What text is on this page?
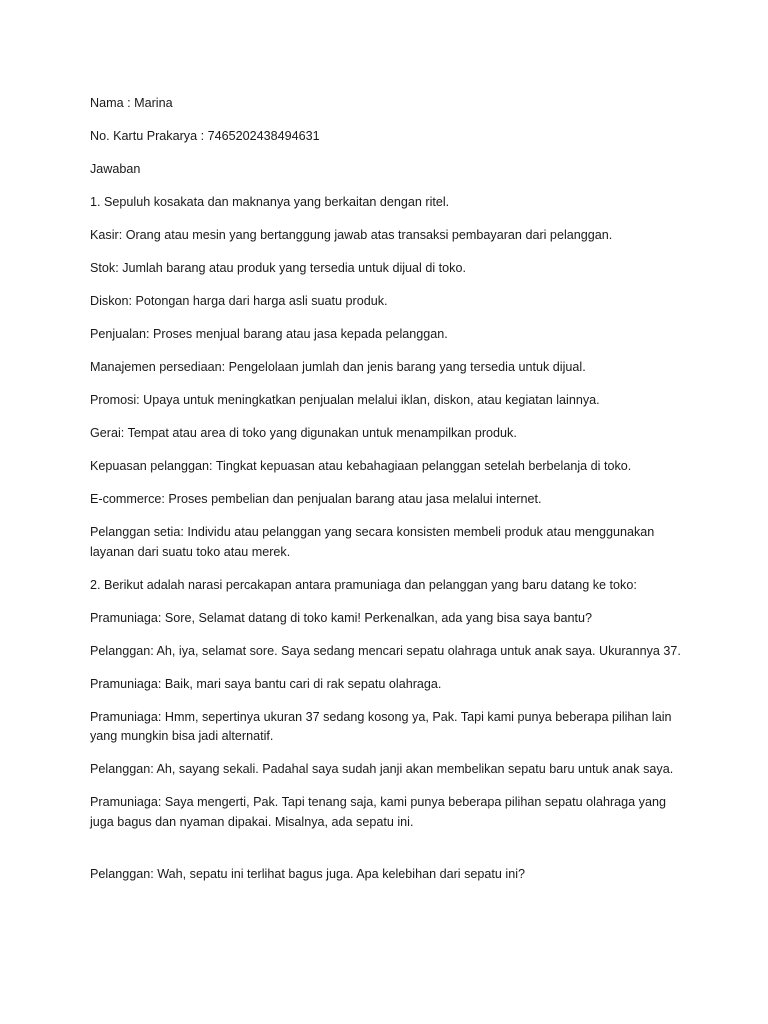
Nama : Marina

No. Kartu Prakarya : 7465202438494631

Jawaban

1. Sepuluh kosakata dan maknanya yang berkaitan dengan ritel.

Kasir: Orang atau mesin yang bertanggung jawab atas transaksi pembayaran dari pelanggan.

Stok: Jumlah barang atau produk yang tersedia untuk dijual di toko.

Diskon: Potongan harga dari harga asli suatu produk.

Penjualan: Proses menjual barang atau jasa kepada pelanggan.

Manajemen persediaan: Pengelolaan jumlah dan jenis barang yang tersedia untuk dijual.

Promosi: Upaya untuk meningkatkan penjualan melalui iklan, diskon, atau kegiatan lainnya.

Gerai: Tempat atau area di toko yang digunakan untuk menampilkan produk.

Kepuasan pelanggan: Tingkat kepuasan atau kebahagiaan pelanggan setelah berbelanja di toko.

E-commerce: Proses pembelian dan penjualan barang atau jasa melalui internet.

Pelanggan setia: Individu atau pelanggan yang secara konsisten membeli produk atau menggunakan
layanan dari suatu toko atau merek.

2. Berikut adalah narasi percakapan antara pramuniaga dan pelanggan yang baru datang ke toko:

Pramuniaga: Sore, Selamat datang di toko kami! Perkenalkan, ada yang bisa saya bantu?

Pelanggan: Ah, iya, selamat sore. Saya sedang mencari sepatu olahraga untuk anak saya. Ukurannya 37.

Pramuniaga: Baik, mari saya bantu cari di rak sepatu olahraga.

Pramuniaga: Hmm, sepertinya ukuran 37 sedang kosong ya, Pak. Tapi kami punya beberapa pilihan lain
yang mungkin bisa jadi alternatif.

Pelanggan: Ah, sayang sekali. Padahal saya sudah janji akan membelikan sepatu baru untuk anak saya.

Pramuniaga: Saya mengerti, Pak. Tapi tenang saja, kami punya beberapa pilihan sepatu olahraga yang
juga bagus dan nyaman dipakai. Misalnya, ada sepatu ini.

Pelanggan: Wah, sepatu ini terlihat bagus juga. Apa kelebihan dari sepatu ini?
